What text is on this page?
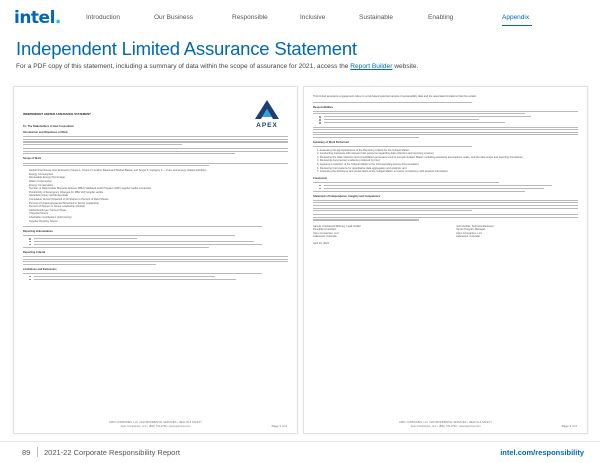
intel.	Introduction	Our Business	Responsible	Inclusive	Sustainable	Enabling	Appendix
Independent Limited Assurance Statement

For a PDF copy of this statement, including a summary of data within the scope of assurance for 2021, access the Report Builder website.

APEX
INDEPENDENT LIMITED ASSURANCE STATEMENT
To: The Stakeholders of Intel Corporation
Introduction and Objectives of Work
Scope of Work
Global Greenhouse Gas Emissions (Scope 1, Scope 2 Location-Based and Market-Based, and Scope 3, Category 3 — Fuel- and energy-related activities)
Energy Consumption
Renewable Energy Percentage
Water Consumption
Energy Conservation
Number of Responsible Business Alliance (RBA) Validated Audit Program (VAP) supplier audits conducted
Productivity of Emergency Changes for RBA VAP supplier audits
Hazardous Injury and Illness Rate
Cumulative Percent Diverted of Oil Shares to Percent of Field Shares
Percent of Underrepresented Minorities in Senior Leadership
Percent of Women in Senior Leadership (Global)
Global Employee Turnover Rate
Unionized Hours
Charitable contributions (intel Giving)
Supplier Diversity Spend
Reporting & Boundaries
Reporting Criteria
Limitations and Exclusions
APEX COMPANIES, LLC • ENVIRONMENTAL SERVICES • HEALTH & SAFETY
Apex Companies, LLC • (800) 733-2739 • www.apexcos.com	Page 1 of 2
This limited assurance engagement relies on a risk-based selected sample of sustainability data and the associated limitations that this entails.
Responsibilities
Summary of Work Performed
1. Assessing the appropriateness of the Reporting Criteria for the Subject Matter;
2. Conducting interviews with relevant Intel personnel regarding data collection and reporting systems;
3. Reviewing the data collection and consolidation processes used to compile Subject Matter, including assessing assumptions made, and the data scope and reporting boundaries;
4. Reviewing documentary evidence produced by Intel;
5. Agreeing a selection of the Subject Matter to the corresponding source documentation;
6. Reviewing Intel systems for quantitative data aggregation and analysis; and
7. Assessing the disclosure and presentation of the Subject Matter to ensure consistency with assured information.
Conclusion
Statement of Independence, Integrity and Competence
Sara E. Knickwood-Whitney, Lead Verifier
Principal Consultant
Apex Companies, LLC
Lakewood, Colorado
John Rohde, Technical Reviewer
Senior Program Manager
Apex Companies, LLC
Lakewood, Colorado
April 15, 2022
APEX COMPANIES, LLC • ENVIRONMENTAL SERVICES • HEALTH & SAFETY
Apex Companies, LLC • (800) 733-2739 • www.apexcos.com	Page 2 of 2
89 2021-22 Corporate Responsibility Report	intel.com/responsibility
